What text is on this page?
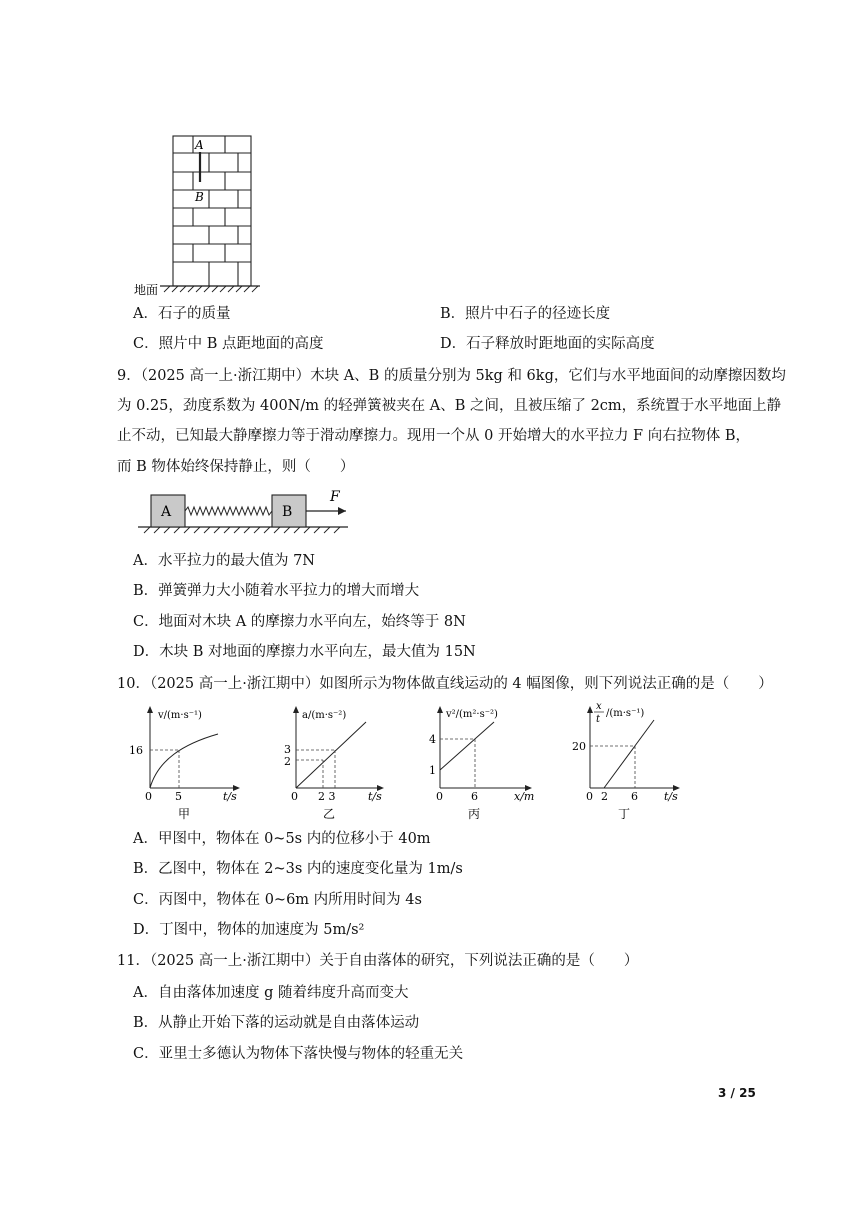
A
B
地面
A．石子的质量	B．照片中石子的径迹长度
C．照片中 B 点距地面的高度	D．石子释放时距地面的实际高度
9．（2025 高一上·浙江期中）木块 A、B 的质量分别为 5kg 和 6kg，它们与水平地面间的动摩擦因数均
为 0.25，劲度系数为 400N/m 的轻弹簧被夹在 A、B 之间，且被压缩了 2cm，系统置于水平地面上静
止不动，已知最大静摩擦力等于滑动摩擦力。现用一个从 0 开始增大的水平拉力 F 向右拉物体 B，
而 B 物体始终保持静止，则（　　）
A	B
F
A．水平拉力的最大值为 7N
B．弹簧弹力大小随着水平拉力的增大而增大
C．地面对木块 A 的摩擦力水平向左，始终等于 8N
D．木块 B 对地面的摩擦力水平向左，最大值为 15N
10．（2025 高一上·浙江期中）如图所示为物体做直线运动的 4 幅图像，则下列说法正确的是（　　）
v/(m·s⁻¹)
16
0 5	t/s
甲
a/(m·s⁻²)
3
2
0 2 3	t/s
乙
v²/(m²·s⁻²)
4
1
0	6	x/m
丙
x
t
/(m·s⁻¹)
20
0 2 6 t/s
丁
A．甲图中，物体在 0~5s 内的位移小于 40m
B．乙图中，物体在 2~3s 内的速度变化量为 1m/s
C．丙图中，物体在 0~6m 内所用时间为 4s
D．丁图中，物体的加速度为 5m/s²
11．（2025 高一上·浙江期中）关于自由落体的研究，下列说法正确的是（　　）
A．自由落体加速度 g 随着纬度升高而变大
B．从静止开始下落的运动就是自由落体运动
C．亚里士多德认为物体下落快慢与物体的轻重无关
3 / 25
